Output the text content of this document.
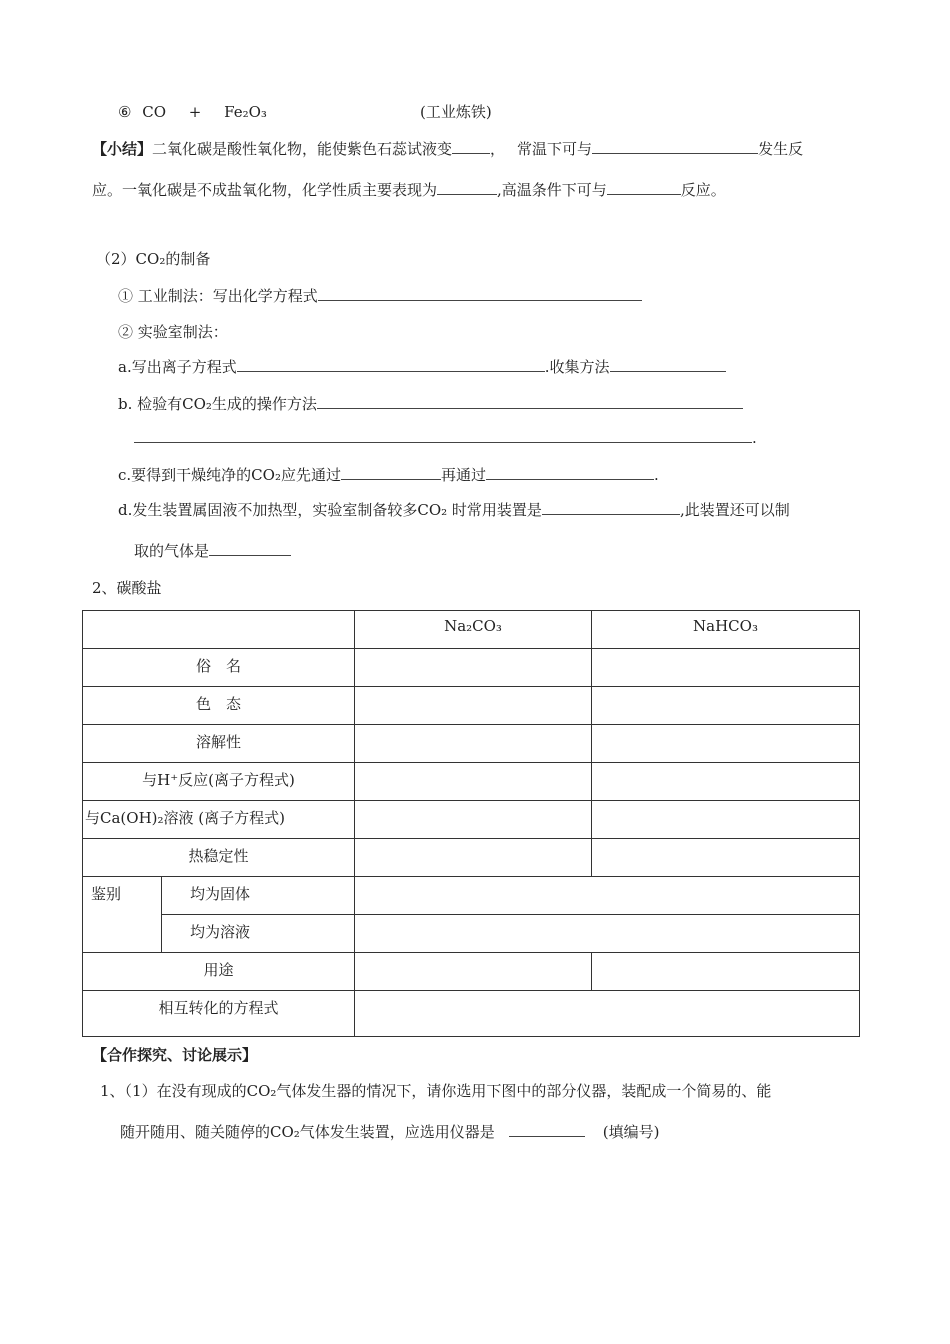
⑥ CO + Fe₂O₃	(工业炼铁)
【小结】二氧化碳是酸性氧化物，能使紫色石蕊试液变	， 常温下可与	发生反
应。一氧化碳是不成盐氧化物，化学性质主要表现为	,高温条件下可与	反应。
（2）CO₂的制备
① 工业制法：写出化学方程式
② 实验室制法：
a.写出离子方程式	.收集方法
b. 检验有CO₂生成的操作方法
.
c.要得到干燥纯净的CO₂应先通过	再通过	.
d.发生装置属固液不加热型，实验室制备较多CO₂ 时常用装置是	,此装置还可以制
取的气体是
2、碳酸盐

		Na₂CO₃	NaHCO₃

俗　名			

色　态			

溶解性			

与H⁺反应(离子方程式)			

与Ca(OH)₂溶液 (离子方程式)			

热稳定性			

鉴别	均为固体		

	均为溶液		

用途			

相互转化的方程式			

【合作探究、讨论展示】
1、（1）在没有现成的CO₂气体发生器的情况下，请你选用下图中的部分仪器，装配成一个简易的、能
随开随用、随关随停的CO₂气体发生装置，应选用仪器是	(填编号)
